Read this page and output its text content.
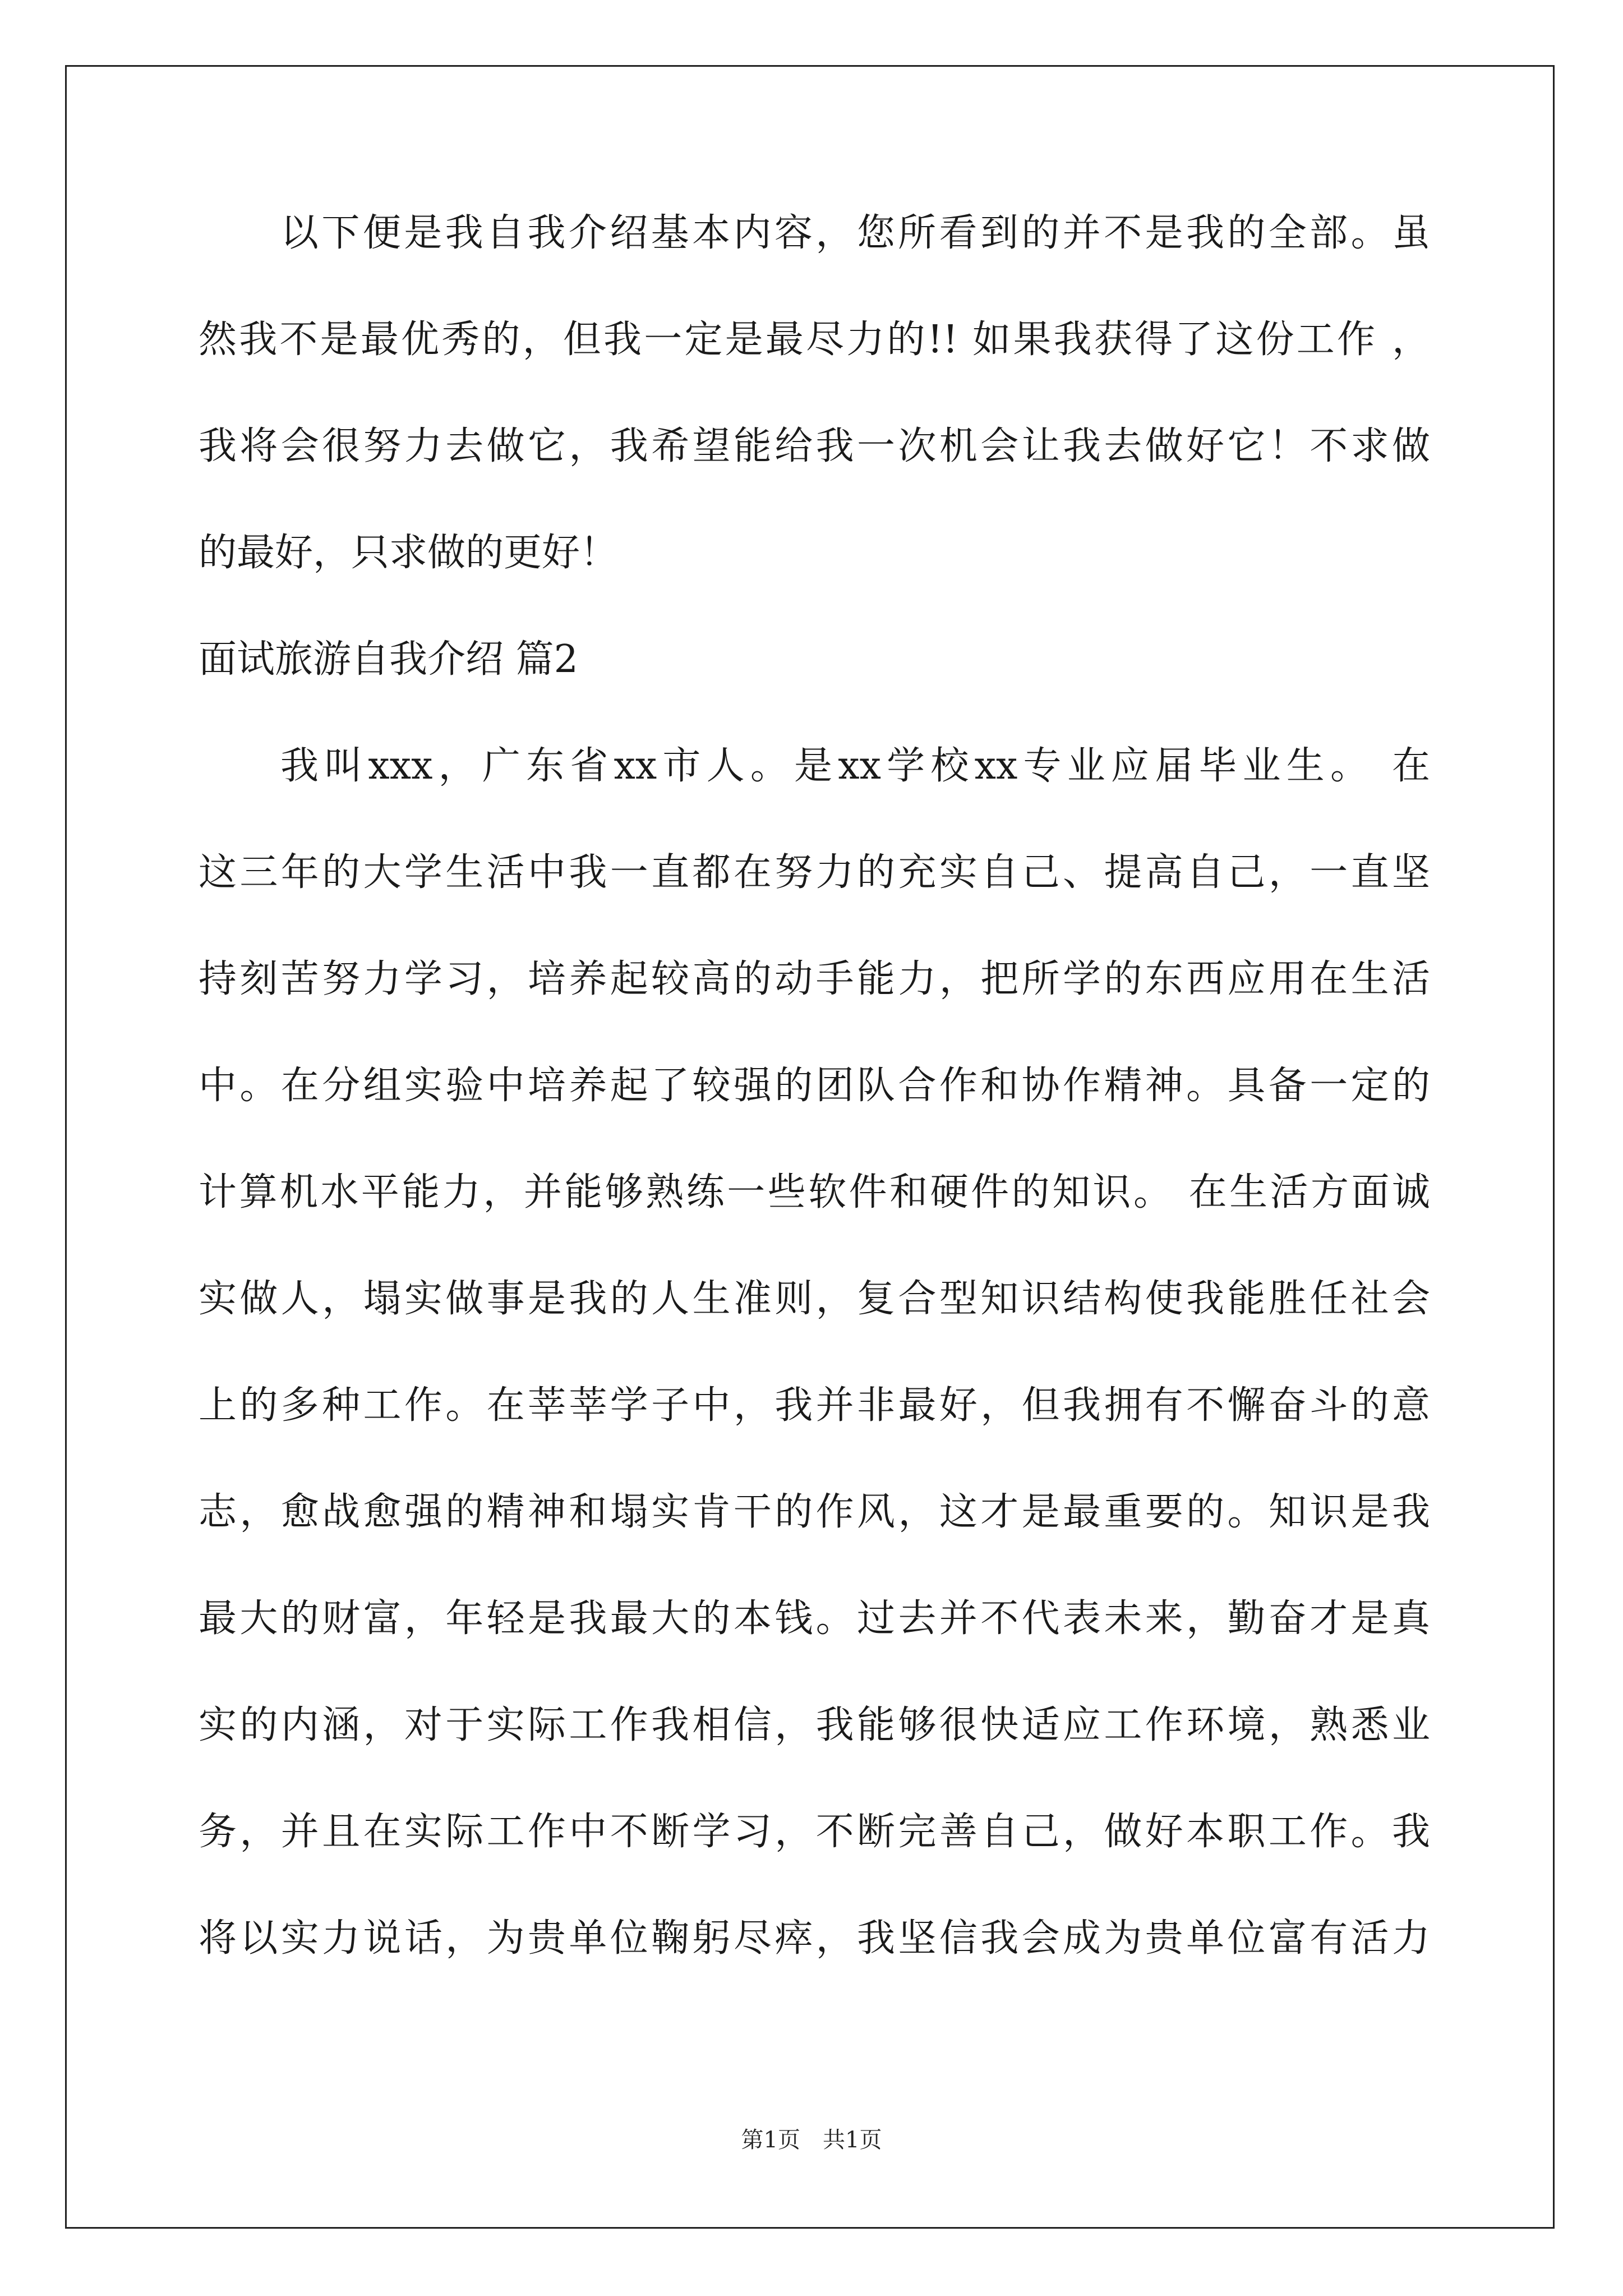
以下便是我自我介绍基本内容，您所看到的并不是我的全部。虽
然我不是最优秀的，但我一定是最尽力的!! 如果我获得了这份工作 ，
我将会很努力去做它，我希望能给我一次机会让我去做好它！不求做
的最好，只求做的更好！
面试旅游自我介绍 篇2
我叫xxx，广东省xx市人。是xx学校xx专业应届毕业生。 在
这三年的大学生活中我一直都在努力的充实自己、提高自己，一直坚
持刻苦努力学习，培养起较高的动手能力，把所学的东西应用在生活
中。在分组实验中培养起了较强的团队合作和协作精神。具备一定的
计算机水平能力，并能够熟练一些软件和硬件的知识。 在生活方面诚
实做人，塌实做事是我的人生准则，复合型知识结构使我能胜任社会
上的多种工作。在莘莘学子中，我并非最好，但我拥有不懈奋斗的意
志，愈战愈强的精神和塌实肯干的作风，这才是最重要的。知识是我
最大的财富，年轻是我最大的本钱。过去并不代表未来，勤奋才是真
实的内涵，对于实际工作我相信，我能够很快适应工作环境，熟悉业
务，并且在实际工作中不断学习，不断完善自己，做好本职工作。我
将以实力说话，为贵单位鞠躬尽瘁，我坚信我会成为贵单位富有活力
第1页　共1页
